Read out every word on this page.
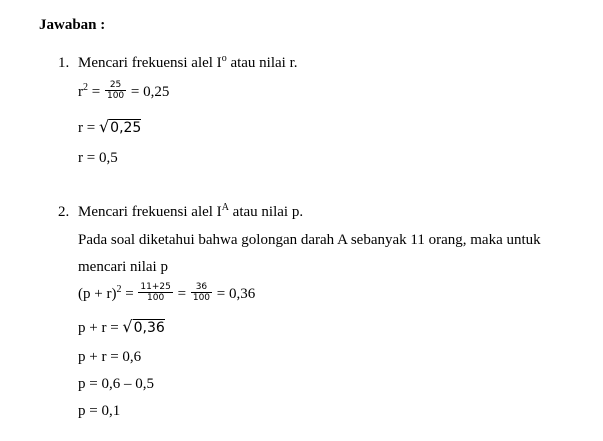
Jawaban :
1. Mencari frekuensi alel $I^o$ atau nilai r.
$r^2 = \frac{25}{100} = 0,25$
r = √0,25
r = 0,5
2. Mencari frekuensi alel $I^A$ atau nilai p.
Pada soal diketahui bahwa golongan darah A sebanyak 11 orang, maka untuk
mencari nilai p
$(p + r)^2 = \frac{11+25}{100} = \frac{36}{100} = 0,36$
p + r = √0,36
p + r = 0,6
p = 0,6 – 0,5
p = 0,1
